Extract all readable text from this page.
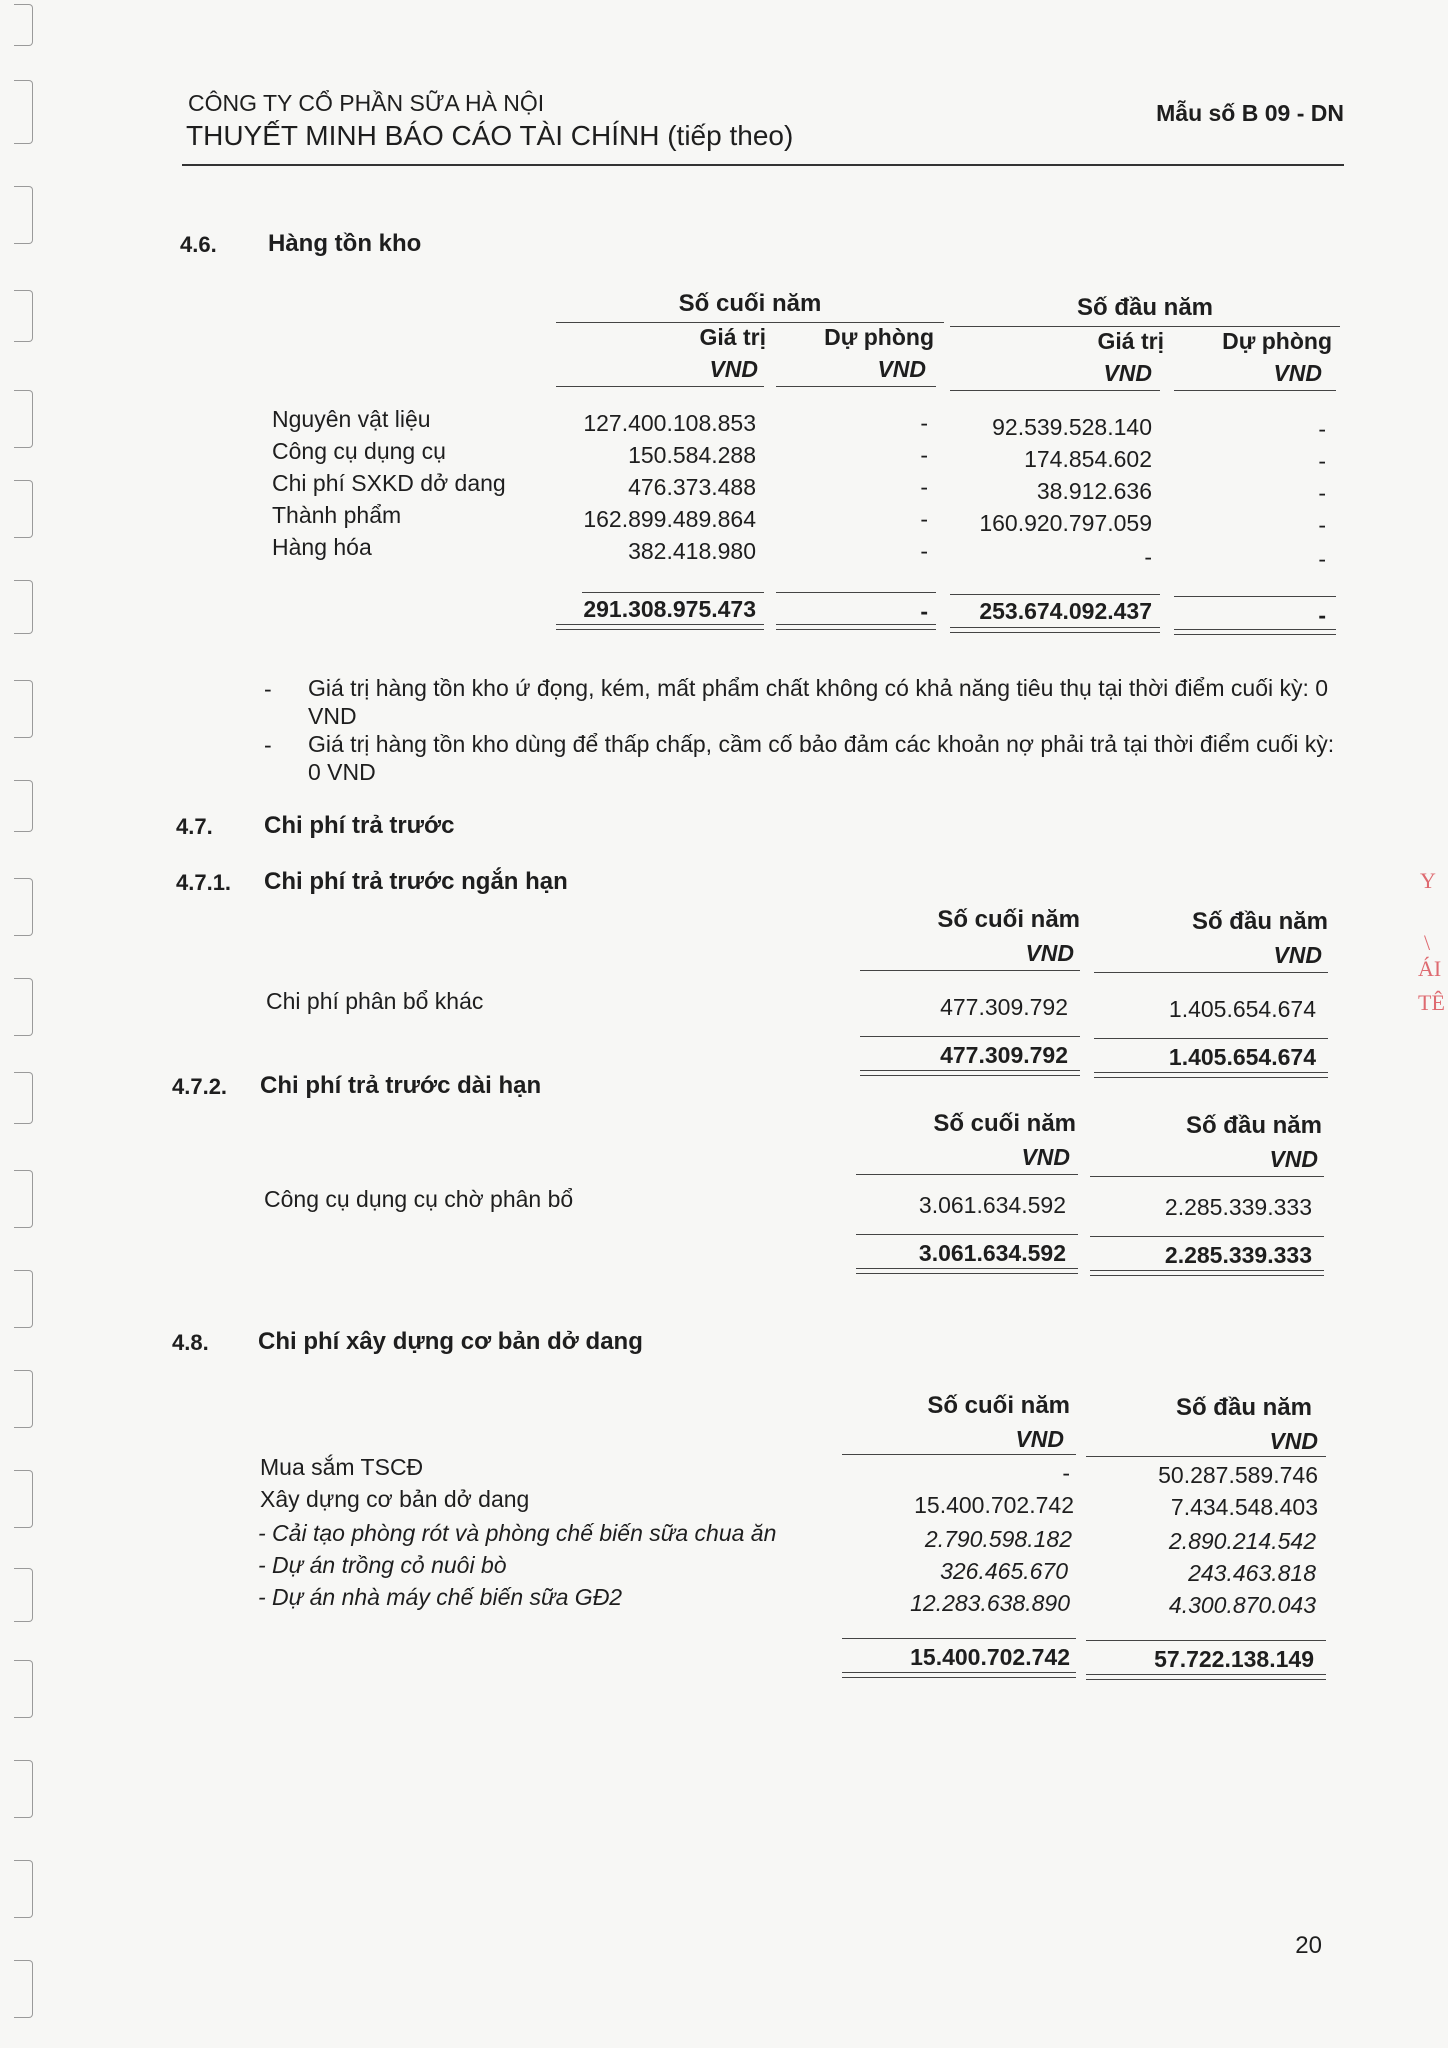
Y
\
ÁI
TÊ
CÔNG TY CỔ PHẦN SỮA HÀ NỘI
THUYẾT MINH BÁO CÁO TÀI CHÍNH (tiếp theo)
Mẫu số B 09 - DN
4.6. Hàng tồn kho
Số cuối năm	Số đầu năm
Giá trị	Dự phòng	Giá trị	Dự phòng
VND	VND	VND	VND
Nguyên vật liệu	127.400.108.853	-	92.539.528.140	-
Công cụ dụng cụ	150.584.288	-	174.854.602	-
Chi phí SXKD dở dang	476.373.488	-	38.912.636	-
Thành phẩm	162.899.489.864	-	160.920.797.059	-
Hàng hóa	382.418.980	-	-	-
291.308.975.473	-	253.674.092.437	-
- Giá trị hàng tồn kho ứ đọng, kém, mất phẩm chất không có khả năng tiêu thụ tại thời điểm cuối kỳ: 0 VND
- Giá trị hàng tồn kho dùng để thấp chấp, cầm cố bảo đảm các khoản nợ phải trả tại thời điểm cuối kỳ: 0 VND
4.7. Chi phí trả trước
4.7.1. Chi phí trả trước ngắn hạn
Số cuối năm	Số đầu năm
VND	VND
Chi phí phân bổ khác	477.309.792	1.405.654.674
477.309.792	1.405.654.674
4.7.2. Chi phí trả trước dài hạn
Số cuối năm	Số đầu năm
VND	VND
Công cụ dụng cụ chờ phân bổ	3.061.634.592	2.285.339.333
3.061.634.592	2.285.339.333
4.8. Chi phí xây dựng cơ bản dở dang
Số cuối năm	Số đầu năm
VND	VND
Mua sắm TSCĐ	-	50.287.589.746
Xây dựng cơ bản dở dang	15.400.702.742	7.434.548.403
- Cải tạo phòng rót và phòng chế biến sữa chua ăn	2.790.598.182	2.890.214.542
- Dự án trồng cỏ nuôi bò	326.465.670	243.463.818
- Dự án nhà máy chế biến sữa GĐ2	12.283.638.890	4.300.870.043
15.400.702.742	57.722.138.149
20
